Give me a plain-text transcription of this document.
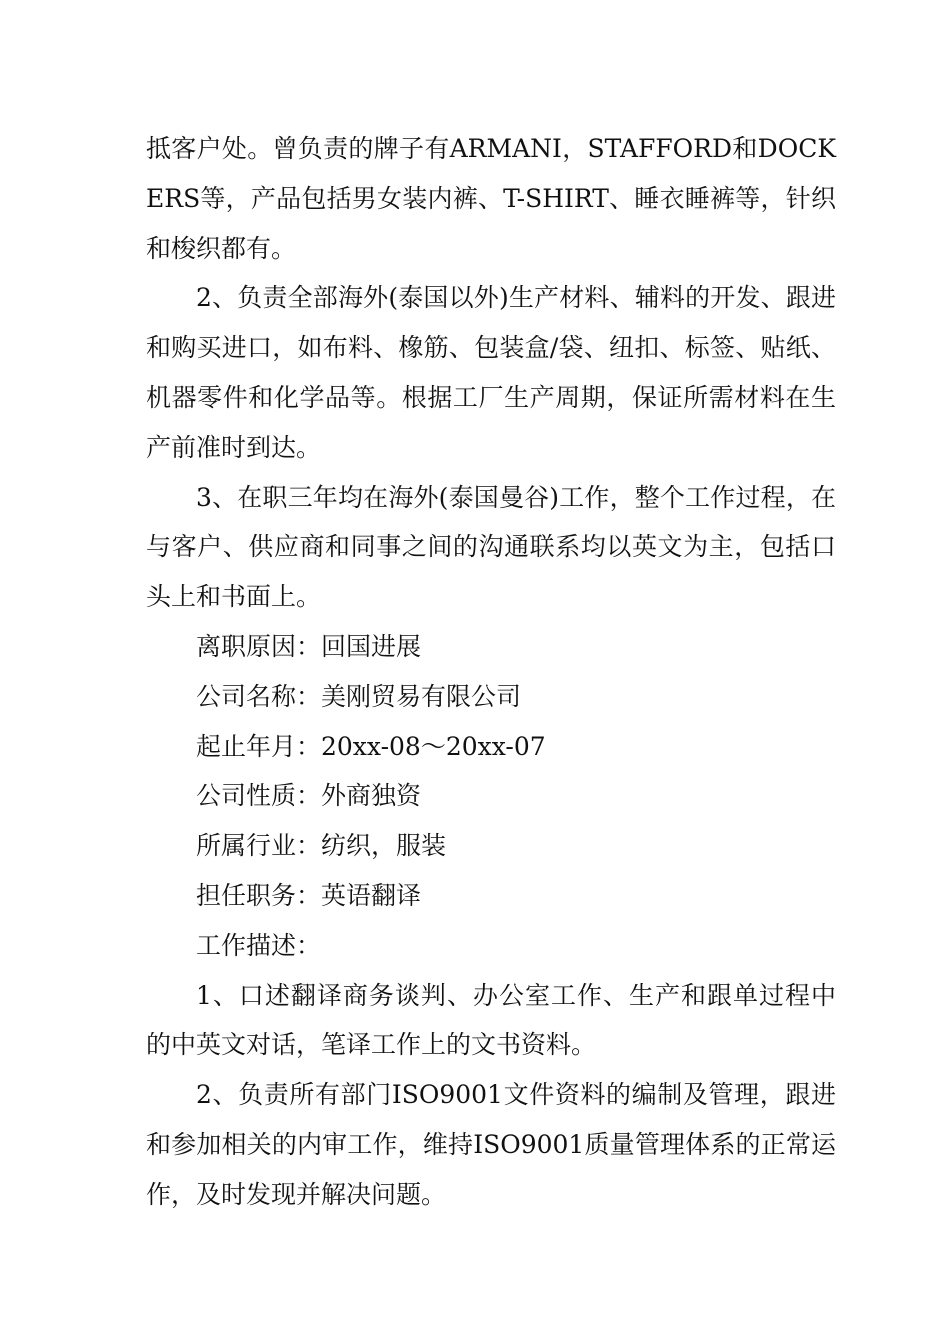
抵客户处。曾负责的牌子有ARMANI，STAFFORD和DOCKERS等，产品包括男女装内裤、T-SHIRT、睡衣睡裤等，针织和梭织都有。

2、负责全部海外(泰国以外)生产材料、辅料的开发、跟进和购买进口，如布料、橡筋、包装盒/袋、纽扣、标签、贴纸、机器零件和化学品等。根据工厂生产周期，保证所需材料在生产前准时到达。

3、在职三年均在海外(泰国曼谷)工作，整个工作过程，在与客户、供应商和同事之间的沟通联系均以英文为主，包括口头上和书面上。

离职原因：回国进展

公司名称：美刚贸易有限公司

起止年月：20xx-08～20xx-07

公司性质：外商独资

所属行业：纺织，服装

担任职务：英语翻译

工作描述：

1、口述翻译商务谈判、办公室工作、生产和跟单过程中的中英文对话，笔译工作上的文书资料。

2、负责所有部门ISO9001文件资料的编制及管理，跟进和参加相关的内审工作，维持ISO9001质量管理体系的正常运作，及时发现并解决问题。
